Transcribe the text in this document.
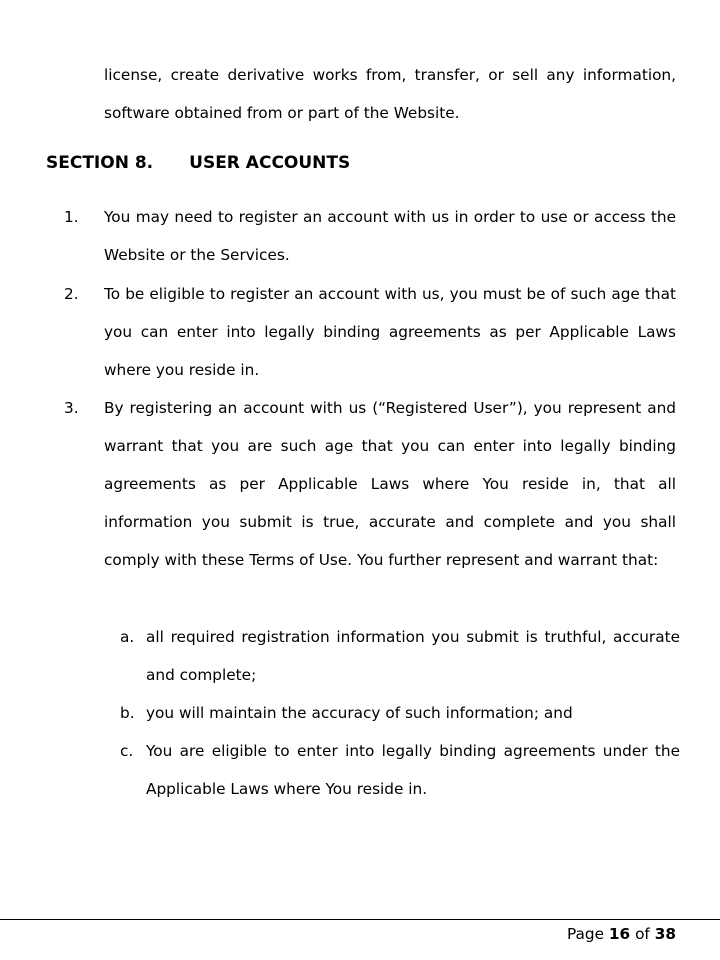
license, create derivative works from, transfer, or sell any information, software obtained from or part of the Website.
SECTION 8. USER ACCOUNTS
1. You may need to register an account with us in order to use or access the Website or the Services.
2. To be eligible to register an account with us, you must be of such age that you can enter into legally binding agreements as per Applicable Laws where you reside in.
3. By registering an account with us (“Registered User”), you represent and warrant that you are such age that you can enter into legally binding agreements as per Applicable Laws where You reside in, that all information you submit is true, accurate and complete and you shall comply with these Terms of Use. You further represent and warrant that:
a. all required registration information you submit is truthful, accurate and complete;
b. you will maintain the accuracy of such information; and
c. You are eligible to enter into legally binding agreements under the Applicable Laws where You reside in.
Page 16 of 38
